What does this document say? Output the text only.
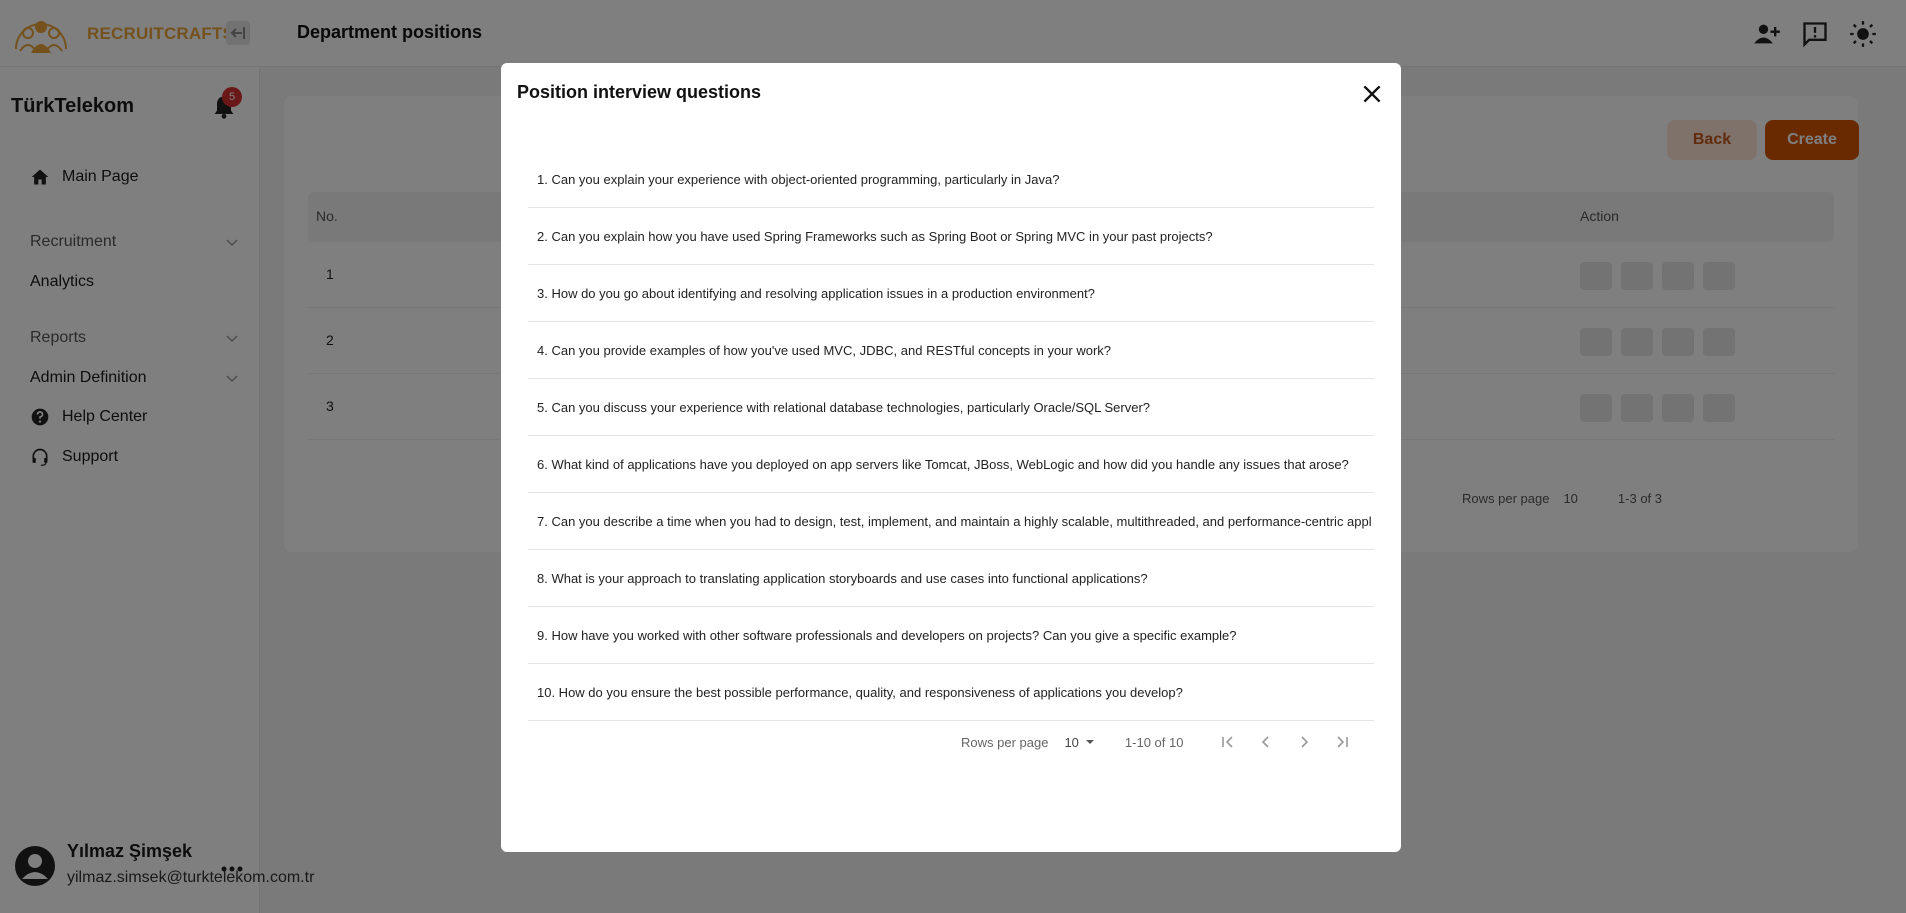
Position interview questions
1. Can you explain your experience with object-oriented programming, particularly in Java?
2. Can you explain how you have used Spring Frameworks such as Spring Boot or Spring MVC in your past projects?
3. How do you go about identifying and resolving application issues in a production environment?
4. Can you provide examples of how you've used MVC, JDBC, and RESTful concepts in your work?
5. Can you discuss your experience with relational database technologies, particularly Oracle/SQL Server?
6. What kind of applications have you deployed on app servers like Tomcat, JBoss, WebLogic and how did you handle any issues that arose?
7. Can you describe a time when you had to design, test, implement, and maintain a highly scalable, multithreaded, and performance-centric appl
8. What is your approach to translating application storyboards and use cases into functional applications?
9. How have you worked with other software professionals and developers on projects? Can you give a specific example?
10. How do you ensure the best possible performance, quality, and responsiveness of applications you develop?
Rows per page 10	1-10 of 10
